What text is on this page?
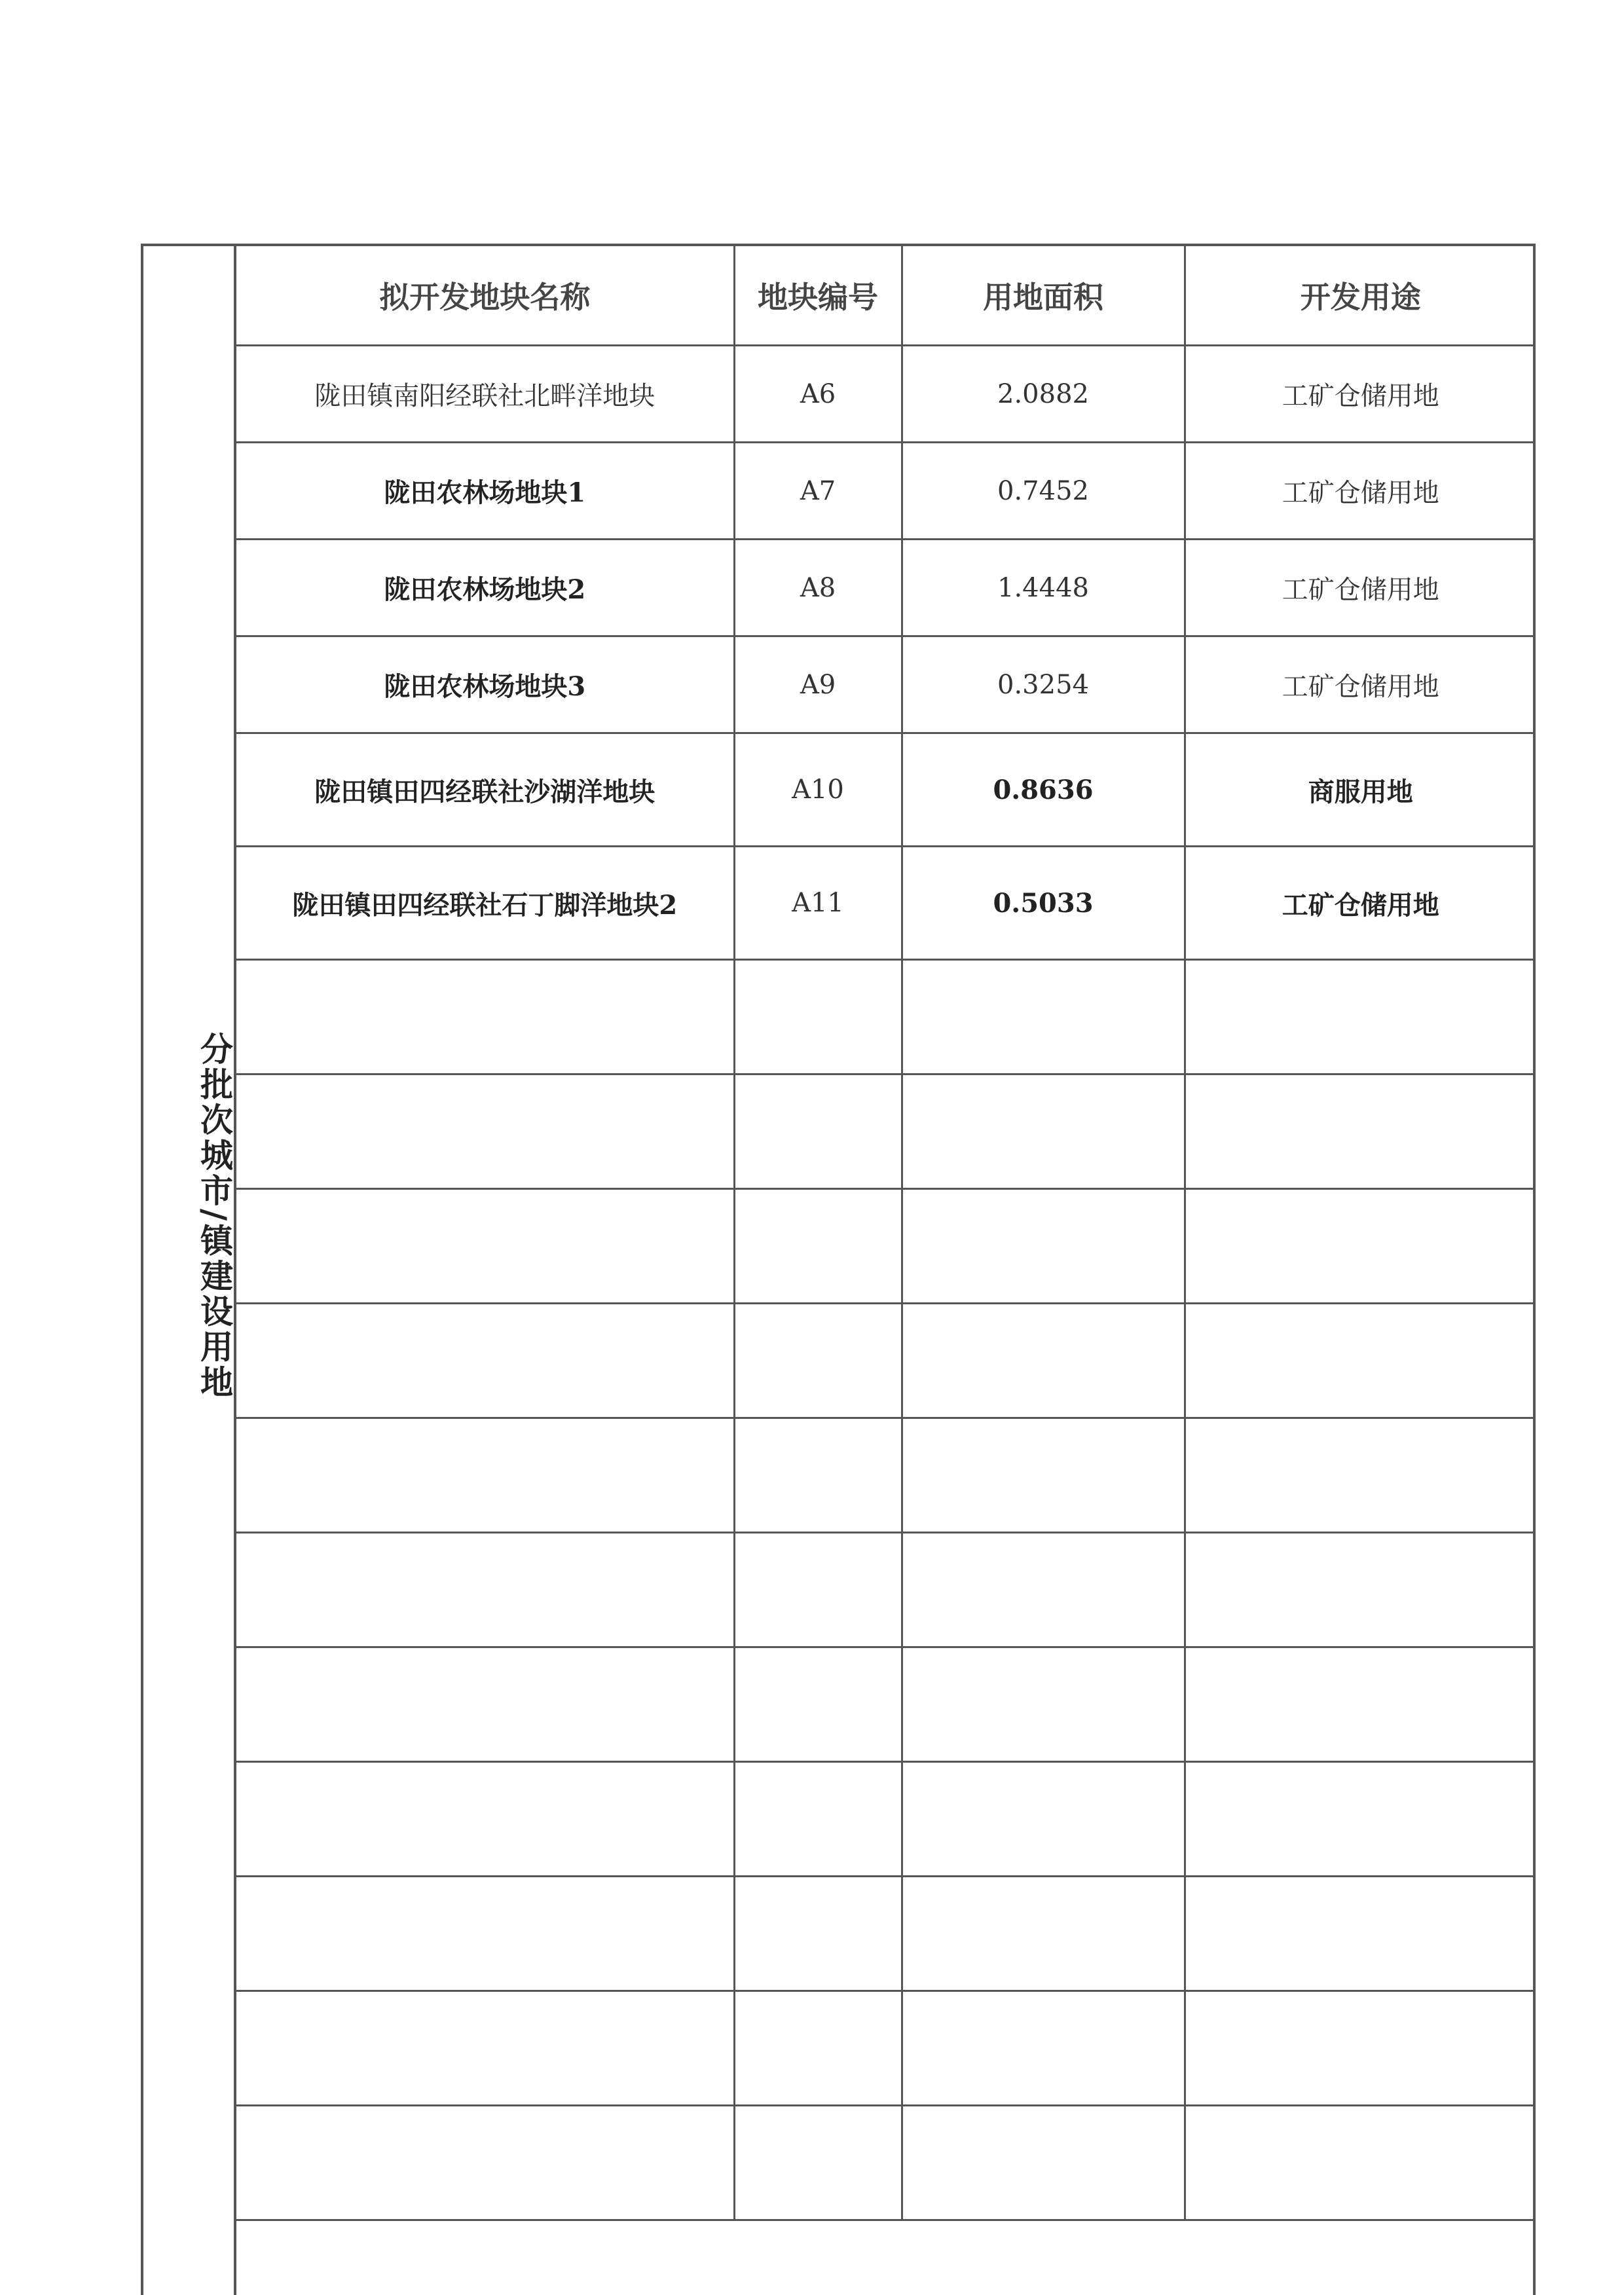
分批次城市/镇建设用地
拟开发地块名称	地块编号	用地面积	开发用途
陇田镇南阳经联社北畔洋地块	A6	2.0882	工矿仓储用地
陇田农林场地块1	A7	0.7452	工矿仓储用地
陇田农林场地块2	A8	1.4448	工矿仓储用地
陇田农林场地块3	A9	0.3254	工矿仓储用地
陇田镇田四经联社沙湖洋地块	A10	0.8636	商服用地
陇田镇田四经联社石丁脚洋地块2	A11	0.5033	工矿仓储用地
